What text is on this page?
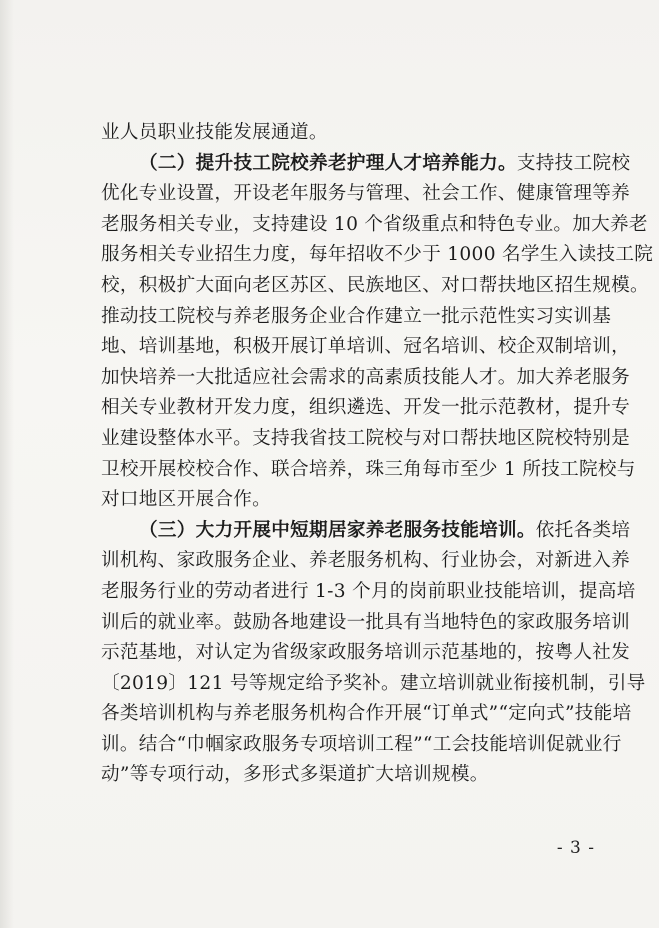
业人员职业技能发展通道。
（二）提升技工院校养老护理人才培养能力。支持技工院校
优化专业设置，开设老年服务与管理、社会工作、健康管理等养
老服务相关专业，支持建设 10 个省级重点和特色专业。加大养老
服务相关专业招生力度，每年招收不少于 1000 名学生入读技工院
校，积极扩大面向老区苏区、民族地区、对口帮扶地区招生规模。
推动技工院校与养老服务企业合作建立一批示范性实习实训基
地、培训基地，积极开展订单培训、冠名培训、校企双制培训，
加快培养一大批适应社会需求的高素质技能人才。加大养老服务
相关专业教材开发力度，组织遴选、开发一批示范教材，提升专
业建设整体水平。支持我省技工院校与对口帮扶地区院校特别是
卫校开展校校合作、联合培养，珠三角每市至少 1 所技工院校与
对口地区开展合作。
（三）大力开展中短期居家养老服务技能培训。依托各类培
训机构、家政服务企业、养老服务机构、行业协会，对新进入养
老服务行业的劳动者进行 1-3 个月的岗前职业技能培训，提高培
训后的就业率。鼓励各地建设一批具有当地特色的家政服务培训
示范基地，对认定为省级家政服务培训示范基地的，按粤人社发
〔2019〕121 号等规定给予奖补。建立培训就业衔接机制，引导
各类培训机构与养老服务机构合作开展“订单式”“定向式”技能培
训。结合“巾帼家政服务专项培训工程”“工会技能培训促就业行
动”等专项行动，多形式多渠道扩大培训规模。
- 3 -
